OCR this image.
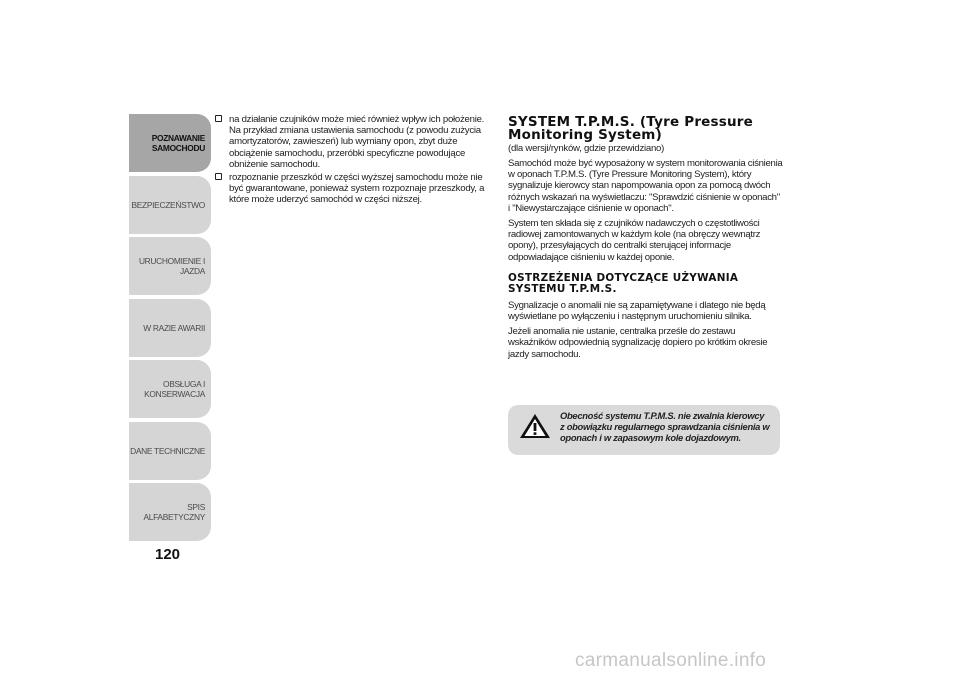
POZNAWANIE
SAMOCHODU
BEZPIECZEŃSTWO
URUCHOMIENIE I
JAZDA
W RAZIE AWARII
OBSŁUGA I
KONSERWACJA
DANE TECHNICZNE
SPIS ALFABETYCZNY
120
na działanie czujników może mieć również wpływ ich położenie. Na przykład zmiana ustawienia samochodu (z powodu zużycia amortyzatorów, zawieszeń) lub wymiany opon, zbyt duże obciążenie samochodu, przeróbki specyficzne powodujące obniżenie samochodu.
rozpoznanie przeszkód w części wyższej samochodu może nie być gwarantowane, ponieważ system rozpoznaje przeszkody, a które może uderzyć samochód w części niższej.
SYSTEM T.P.M.S. (Tyre Pressure Monitoring System)
(dla wersji/rynków, gdzie przewidziano)

Samochód może być wyposażony w system monitorowania ciśnienia w oponach T.P.M.S. (Tyre Pressure Monitoring System), który sygnalizuje kierowcy stan napompowania opon za pomocą dwóch różnych wskazań na wyświetlaczu: "Sprawdzić ciśnienie w oponach" i "Niewystarczające ciśnienie w oponach".

System ten składa się z czujników nadawczych o częstotliwości radiowej zamontowanych w każdym kole (na obręczy wewnątrz opony), przesyłających do centralki sterującej informacje odpowiadające ciśnieniu w każdej oponie.

OSTRZEŻENIA DOTYCZĄCE UŻYWANIA SYSTEMU T.P.M.S.

Sygnalizacje o anomalii nie są zapamiętywane i dlatego nie będą wyświetlane po wyłączeniu i następnym uruchomieniu silnika.

Jeżeli anomalia nie ustanie, centralka prześle do zestawu wskaźników odpowiednią sygnalizację dopiero po krótkim okresie jazdy samochodu.

Obecność systemu T.P.M.S. nie zwalnia kierowcy z obowiązku regularnego sprawdzania ciśnienia w oponach i w zapasowym kole dojazdowym.
carmanualsonline.info
